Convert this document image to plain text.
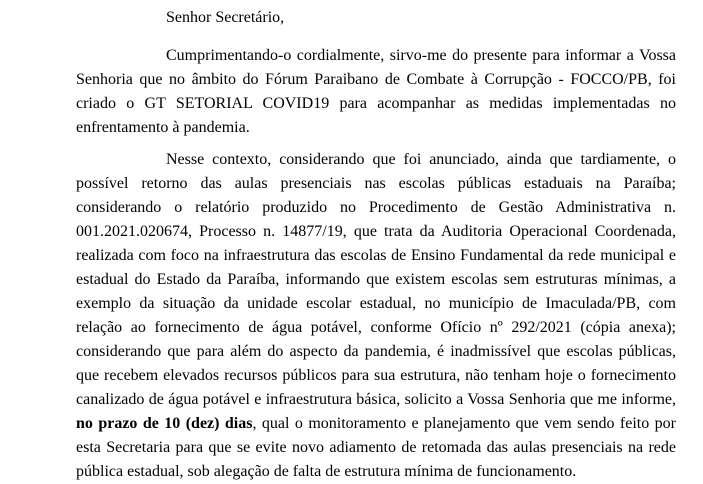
Senhor Secretário,

Cumprimentando-o cordialmente, sirvo-me do presente para informar a Vossa Senhoria que no âmbito do Fórum Paraibano de Combate à Corrupção - FOCCO/PB, foi criado o GT SETORIAL COVID19 para acompanhar as medidas implementadas no enfrentamento à pandemia.

Nesse contexto, considerando que foi anunciado, ainda que tardiamente, o possível retorno das aulas presenciais nas escolas públicas estaduais na Paraíba; considerando o relatório produzido no Procedimento de Gestão Administrativa n. 001.2021.020674, Processo n. 14877/19, que trata da Auditoria Operacional Coordenada, realizada com foco na infraestrutura das escolas de Ensino Fundamental da rede municipal e estadual do Estado da Paraíba, informando que existem escolas sem estruturas mínimas, a exemplo da situação da unidade escolar estadual, no município de Imaculada/PB, com relação ao fornecimento de água potável, conforme Ofício nº 292/2021 (cópia anexa); considerando que para além do aspecto da pandemia, é inadmissível que escolas públicas, que recebem elevados recursos públicos para sua estrutura, não tenham hoje o fornecimento canalizado de água potável e infraestrutura básica, solicito a Vossa Senhoria que me informe, no prazo de 10 (dez) dias, qual o monitoramento e planejamento que vem sendo feito por esta Secretaria para que se evite novo adiamento de retomada das aulas presenciais na rede pública estadual, sob alegação de falta de estrutura mínima de funcionamento.
